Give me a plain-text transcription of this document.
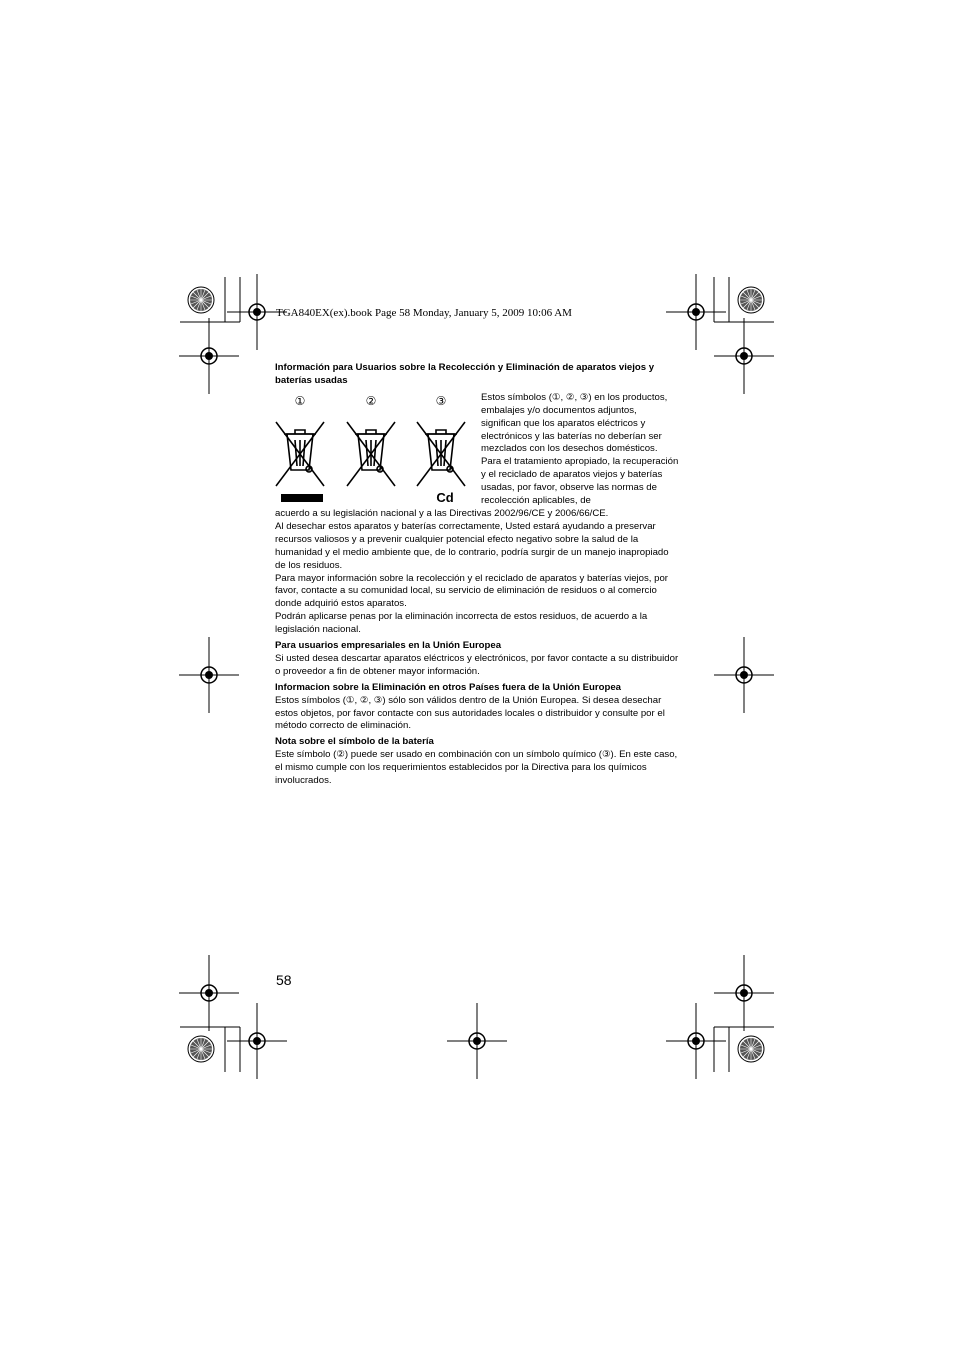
TGA840EX(ex).book Page 58 Monday, January 5, 2009 10:06 AM

Información para Usuarios sobre la Recolección y Eliminación de aparatos viejos y baterías usadas

①	②	③
Cd

Estos símbolos (①, ②, ③) en los productos, embalajes y/o documentos adjuntos, significan que los aparatos eléctricos y electrónicos y las baterías no deberían ser mezclados con los desechos domésticos. Para el tratamiento apropiado, la recuperación y el reciclado de aparatos viejos y baterías usadas, por favor, observe las normas de recolección aplicables, de

acuerdo a su legislación nacional y a las Directivas 2002/96/CE y 2006/66/CE.

Al desechar estos aparatos y baterías correctamente, Usted estará ayudando a preservar recursos valiosos y a prevenir cualquier potencial efecto negativo sobre la salud de la humanidad y el medio ambiente que, de lo contrario, podría surgir de un manejo inapropiado de los residuos.

Para mayor información sobre la recolección y el reciclado de aparatos y baterías viejos, por favor, contacte a su comunidad local, su servicio de eliminación de residuos o al comercio donde adquirió estos aparatos.

Podrán aplicarse penas por la eliminación incorrecta de estos residuos, de acuerdo a la legislación nacional.

Para usuarios empresariales en la Unión Europea

Si usted desea descartar aparatos eléctricos y electrónicos, por favor contacte a su distribuidor o proveedor a fin de obtener mayor información.

Informacion sobre la Eliminación en otros Países fuera de la Unión Europea

Estos símbolos (①, ②, ③) sólo son válidos dentro de la Unión Europea. Si desea desechar estos objetos, por favor contacte con sus autoridades locales o distribuidor y consulte por el método correcto de eliminación.

Nota sobre el símbolo de la batería

Este símbolo (②) puede ser usado en combinación con un símbolo químico (③). En este caso, el mismo cumple con los requerimientos establecidos por la Directiva para los químicos involucrados.

58
